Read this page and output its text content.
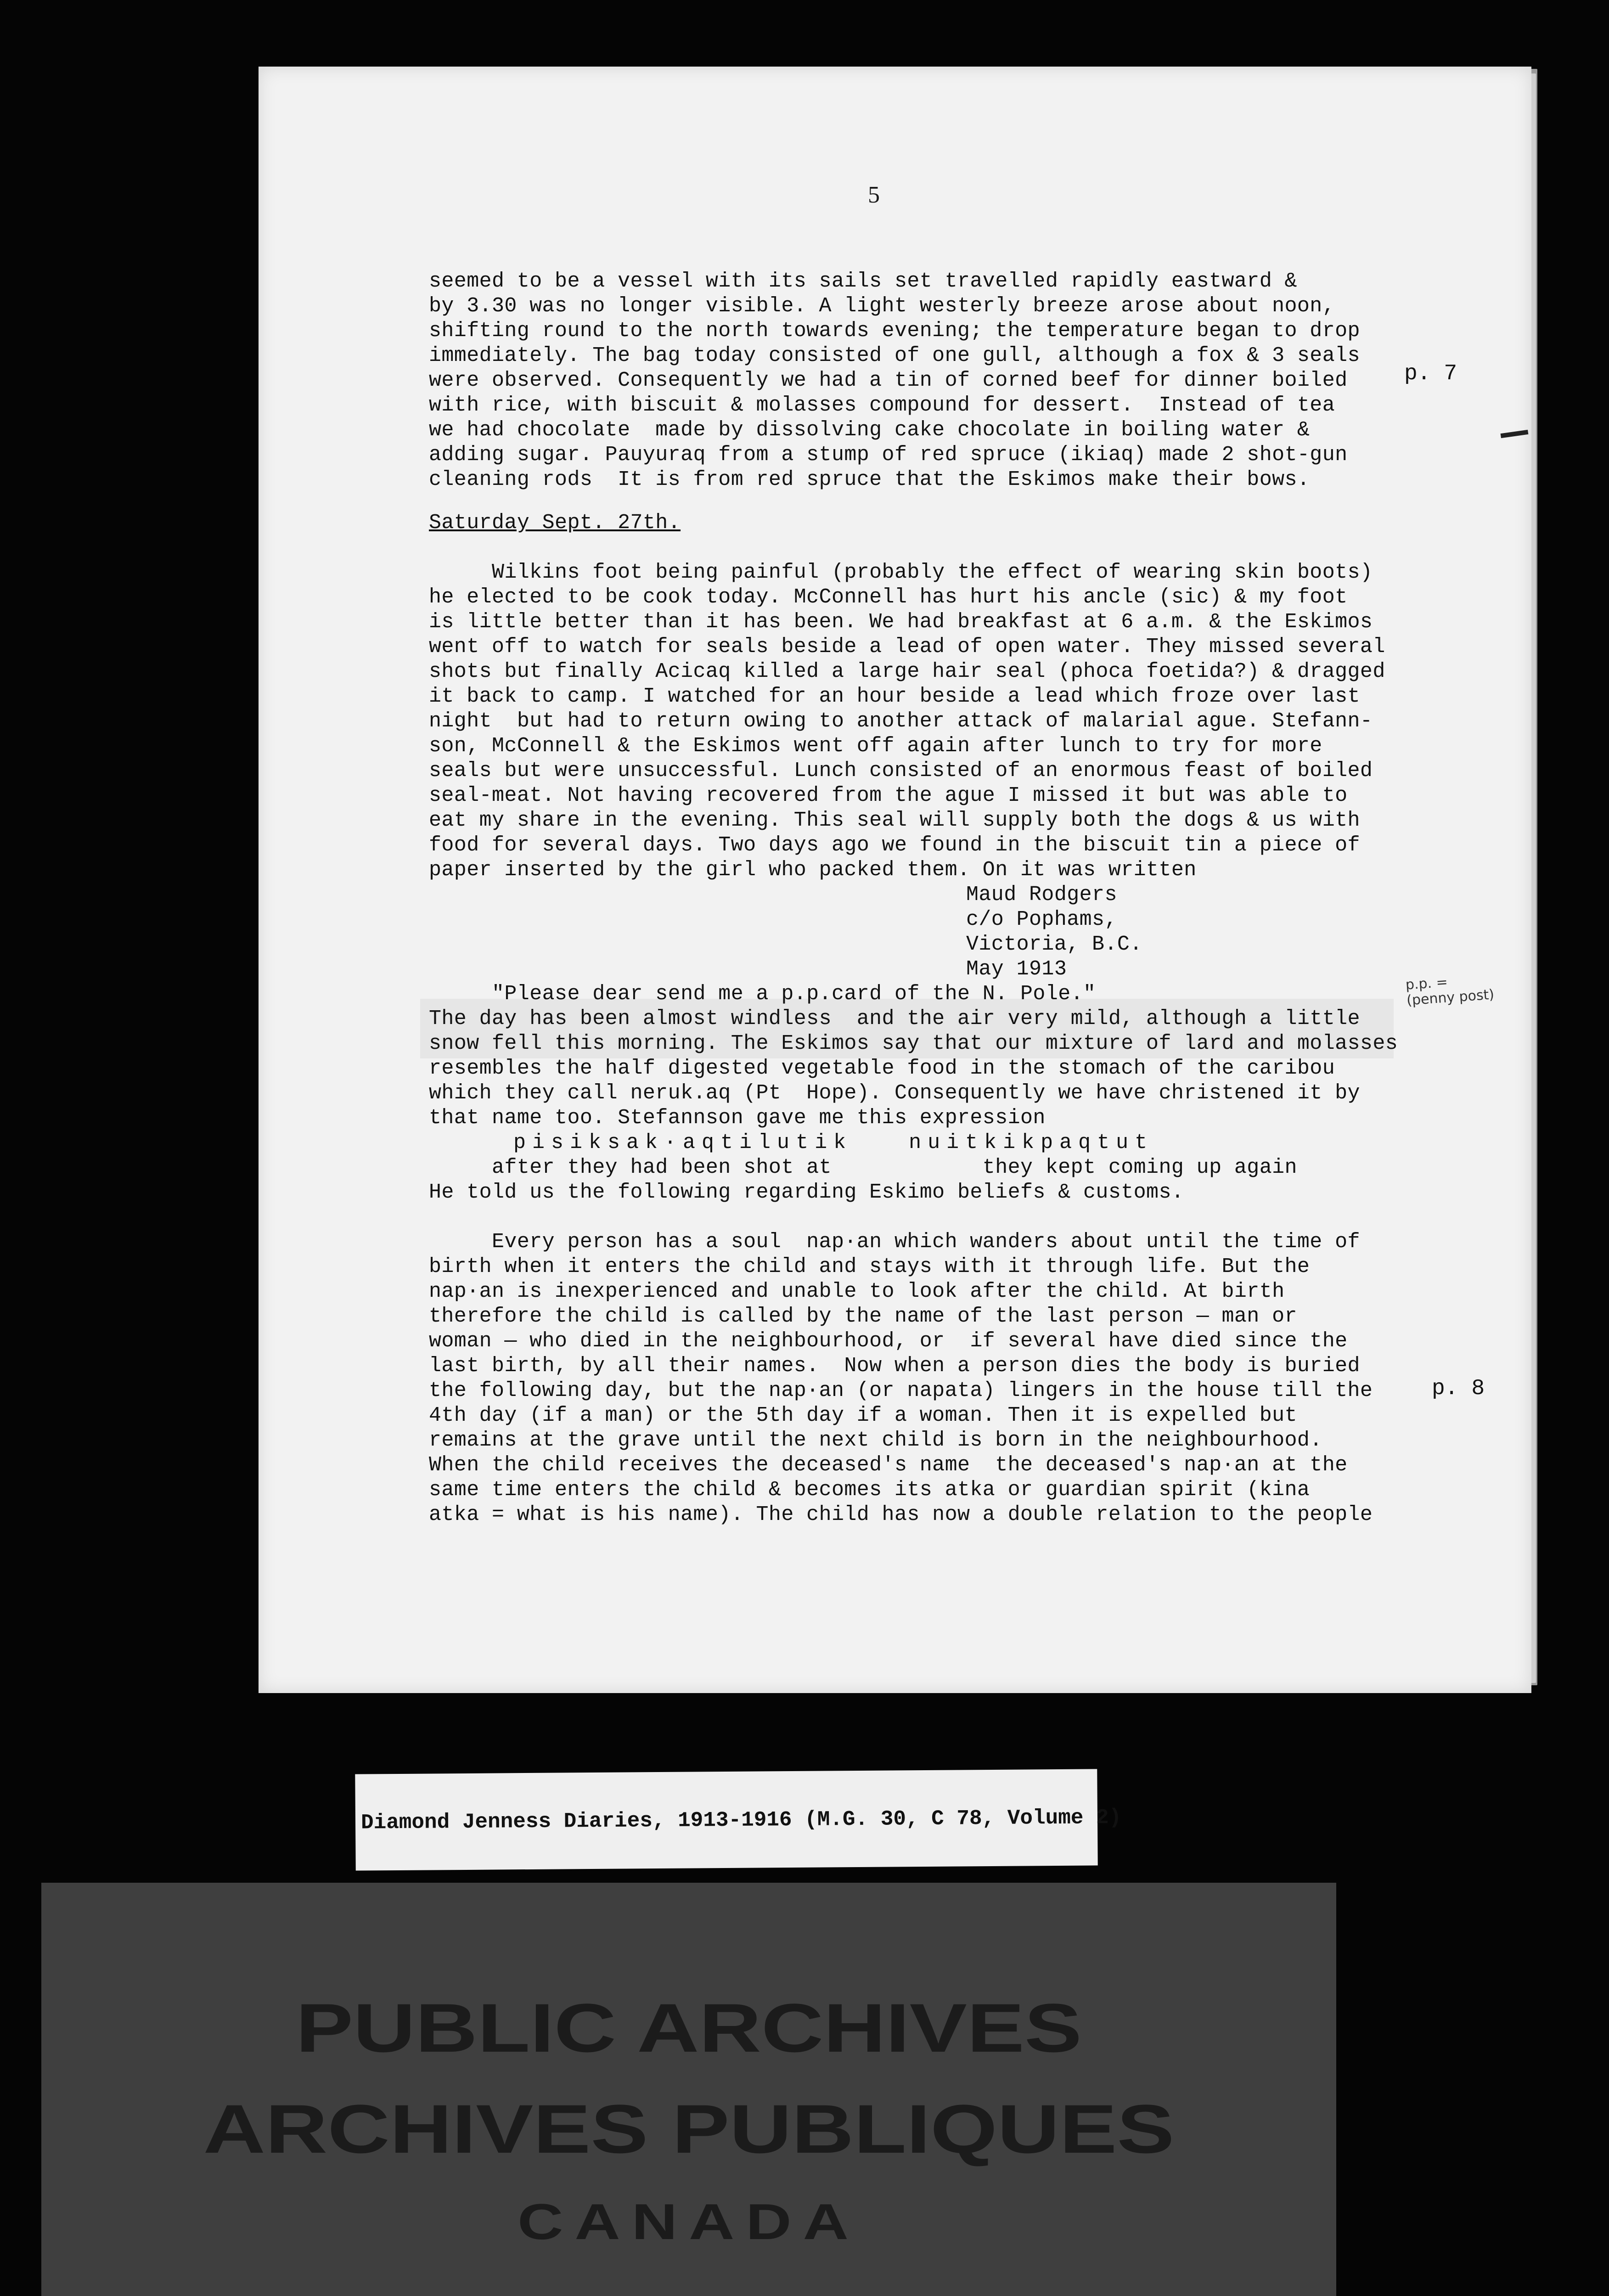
5
seemed to be a vessel with its sails set travelled rapidly eastward &
by 3.30 was no longer visible. A light westerly breeze arose about noon,
shifting round to the north towards evening; the temperature began to drop
immediately. The bag today consisted of one gull, although a fox & 3 seals
were observed. Consequently we had a tin of corned beef for dinner boiled
with rice, with biscuit & molasses compound for dessert.  Instead of tea
we had chocolate  made by dissolving cake chocolate in boiling water &
adding sugar. Pauyuraq from a stump of red spruce (ikiaq) made 2 shot-gun
cleaning rods  It is from red spruce that the Eskimos make their bows.
Saturday Sept. 27th.
Wilkins foot being painful (probably the effect of wearing skin boots)
he elected to be cook today. McConnell has hurt his ancle (sic) & my foot
is little better than it has been. We had breakfast at 6 a.m. & the Eskimos
went off to watch for seals beside a lead of open water. They missed several
shots but finally Acicaq killed a large hair seal (phoca foetida?) & dragged
it back to camp. I watched for an hour beside a lead which froze over last
night  but had to return owing to another attack of malarial ague. Stefann-
son, McConnell & the Eskimos went off again after lunch to try for more
seals but were unsuccessful. Lunch consisted of an enormous feast of boiled
seal-meat. Not having recovered from the ague I missed it but was able to
eat my share in the evening. This seal will supply both the dogs & us with
food for several days. Two days ago we found in the biscuit tin a piece of
paper inserted by the girl who packed them. On it was written
Maud Rodgers
c/o Pophams,
Victoria, B.C.
May 1913
"Please dear send me a p.p.card of the N. Pole."
The day has been almost windless  and the air very mild, although a little
snow fell this morning. The Eskimos say that our mixture of lard and molasses
resembles the half digested vegetable food in the stomach of the caribou
which they call neruk.aq (Pt  Hope). Consequently we have christened it by
that name too. Stefannson gave me this expression
pisiksak·aqtilutik   nuitkikpaqtut
after they had been shot at            they kept coming up again
He told us the following regarding Eskimo beliefs & customs.
Every person has a soul  nap·an which wanders about until the time of
birth when it enters the child and stays with it through life. But the
nap·an is inexperienced and unable to look after the child. At birth
therefore the child is called by the name of the last person — man or
woman — who died in the neighbourhood, or  if several have died since the
last birth, by all their names.  Now when a person dies the body is buried
the following day, but the nap·an (or napata) lingers in the house till the
4th day (if a man) or the 5th day if a woman. Then it is expelled but
remains at the grave until the next child is born in the neighbourhood.
When the child receives the deceased's name  the deceased's nap·an at the
same time enters the child & becomes its atka or guardian spirit (kina
atka = what is his name). The child has now a double relation to the people
p. 7
p. 8
p.p. =
(penny post)
Diamond Jenness Diaries, 1913-1916 (M.G. 30, C 78, Volume 2)
PUBLIC ARCHIVES
ARCHIVES PUBLIQUES
CANADA
